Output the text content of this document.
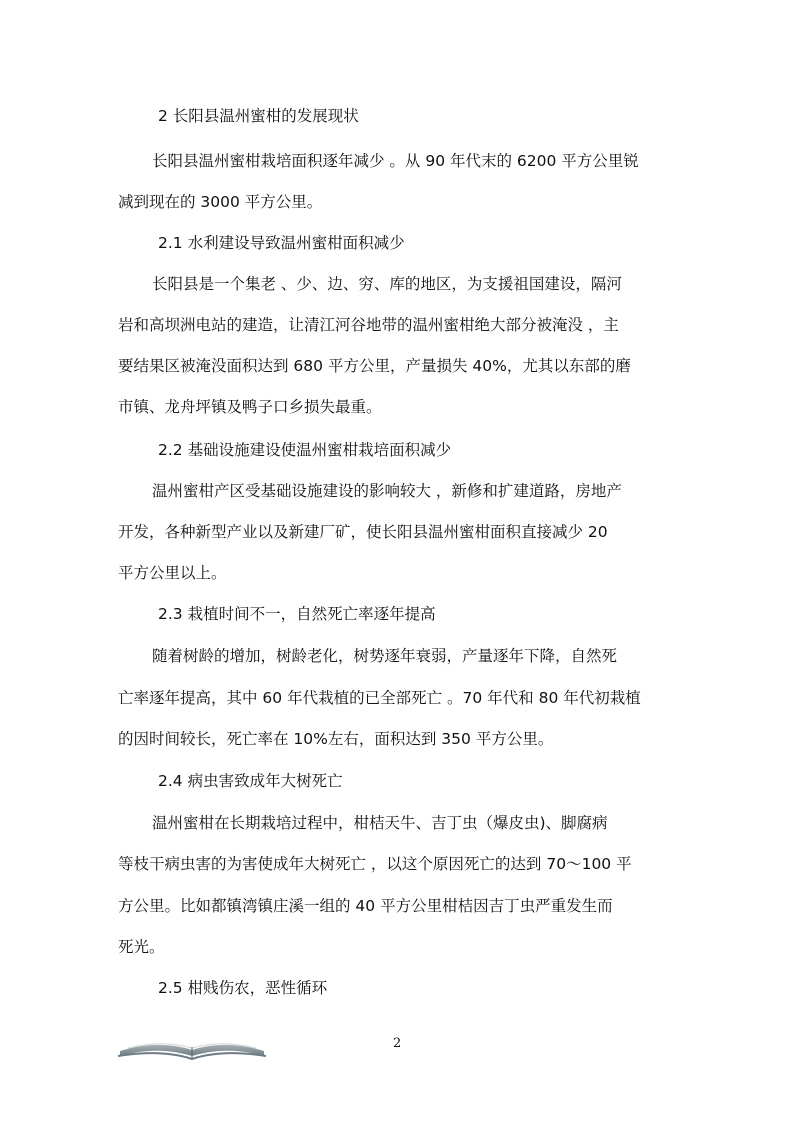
2 长阳县温州蜜柑的发展现状
长阳县温州蜜柑栽培面积逐年减少 。从 90 年代末的 6200 平方公里锐
减到现在的 3000 平方公里。
2.1 水利建设导致温州蜜柑面积减少
长阳县是一个集老 、少、边、穷、库的地区，为支援祖国建设，隔河
岩和高坝洲电站的建造，让清江河谷地带的温州蜜柑绝大部分被淹没 ，主
要结果区被淹没面积达到 680 平方公里，产量损失 40%，尤其以东部的磨
市镇、龙舟坪镇及鸭子口乡损失最重。
2.2 基础设施建设使温州蜜柑栽培面积减少
温州蜜柑产区受基础设施建设的影响较大 ，新修和扩建道路，房地产
开发，各种新型产业以及新建厂矿，使长阳县温州蜜柑面积直接减少 20
平方公里以上。
2.3 栽植时间不一，自然死亡率逐年提高
随着树龄的增加，树龄老化，树势逐年衰弱，产量逐年下降，自然死
亡率逐年提高，其中 60 年代栽植的已全部死亡 。70 年代和 80 年代初栽植
的因时间较长，死亡率在 10%左右，面积达到 350 平方公里。
2.4 病虫害致成年大树死亡
温州蜜柑在长期栽培过程中，柑桔天牛、吉丁虫（爆皮虫)、脚腐病
等枝干病虫害的为害使成年大树死亡 ，以这个原因死亡的达到 70～100 平
方公里。比如都镇湾镇庄溪一组的 40 平方公里柑桔因吉丁虫严重发生而
死光。
2.5 柑贱伤农，恶性循环
2
